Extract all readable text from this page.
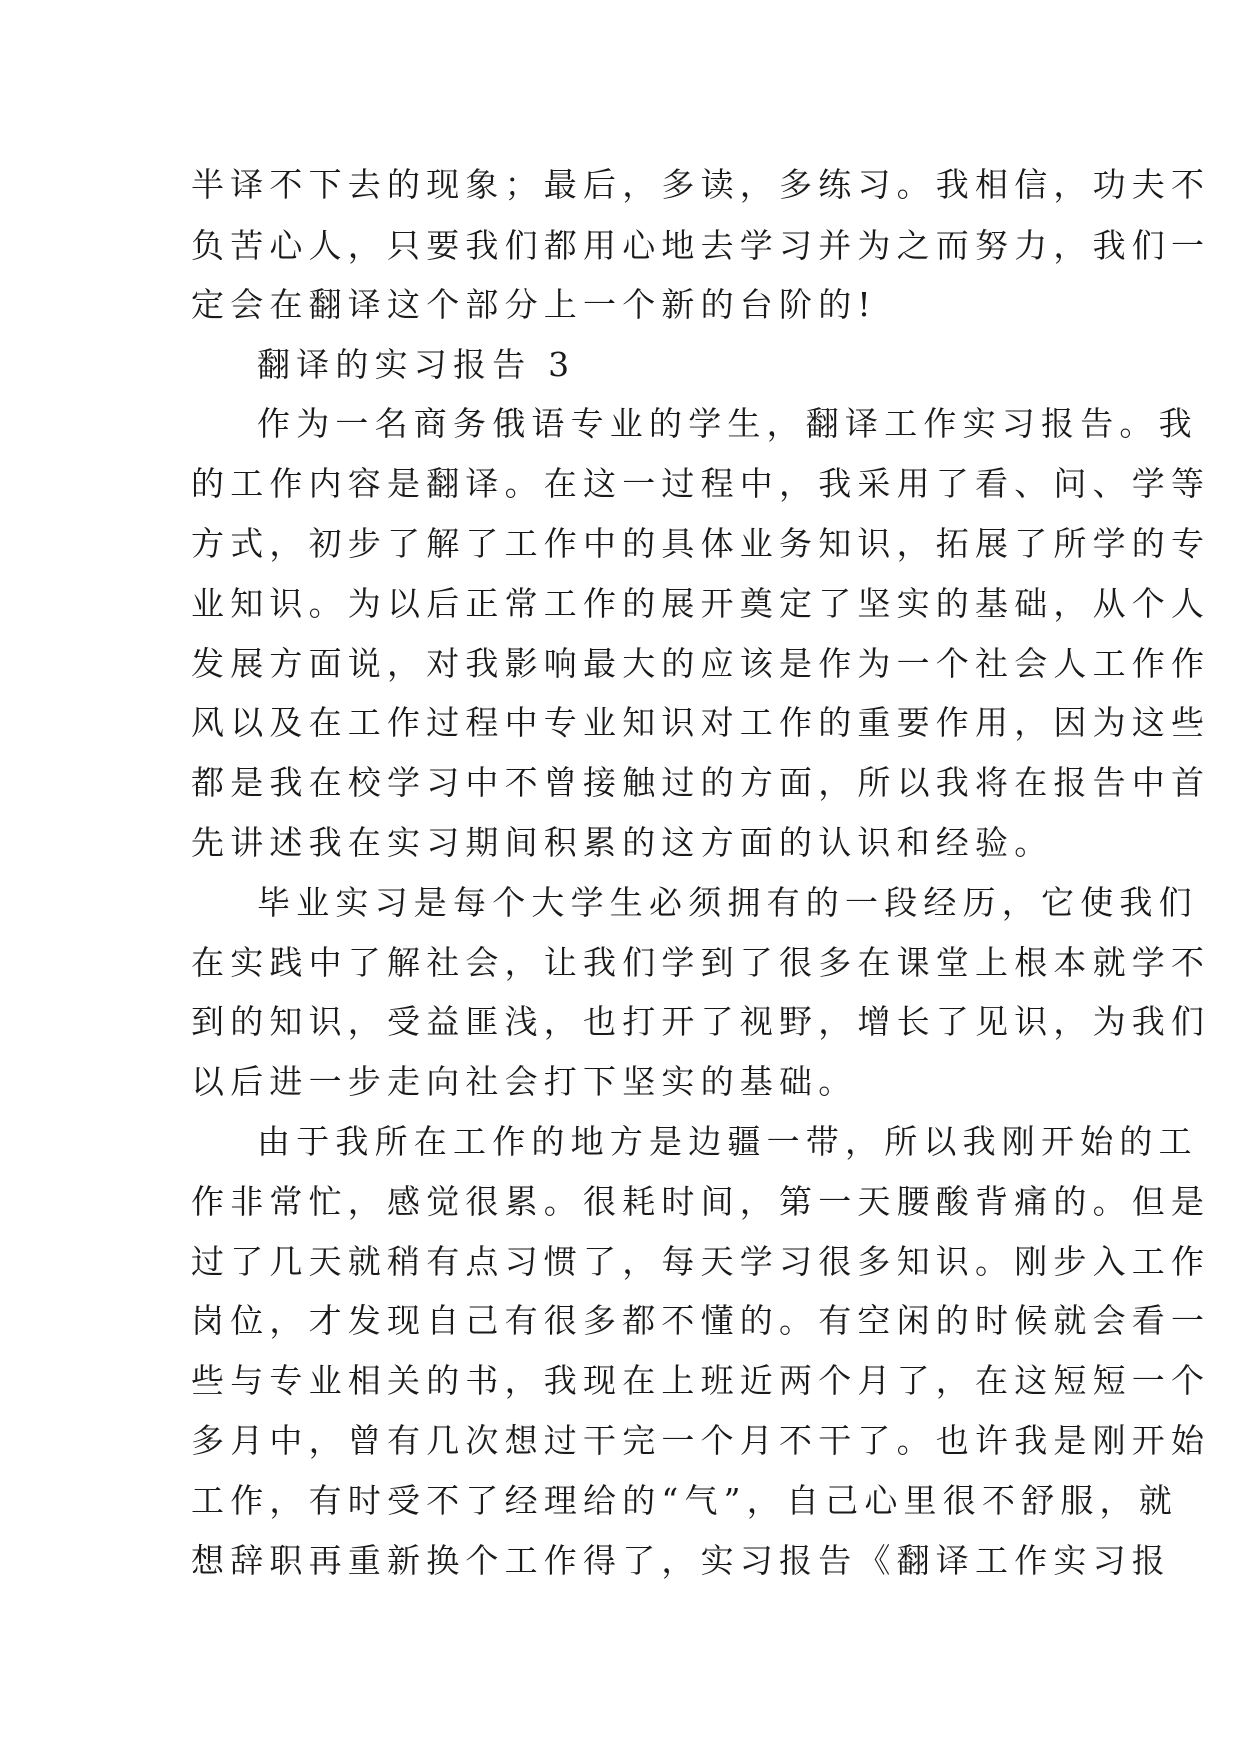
半译不下去的现象；最后，多读，多练习。我相信，功夫不
负苦心人，只要我们都用心地去学习并为之而努力，我们一
定会在翻译这个部分上一个新的台阶的!
翻译的实习报告 3
作为一名商务俄语专业的学生，翻译工作实习报告。我
的工作内容是翻译。在这一过程中，我采用了看、问、学等
方式，初步了解了工作中的具体业务知识，拓展了所学的专
业知识。为以后正常工作的展开奠定了坚实的基础，从个人
发展方面说，对我影响最大的应该是作为一个社会人工作作
风以及在工作过程中专业知识对工作的重要作用，因为这些
都是我在校学习中不曾接触过的方面，所以我将在报告中首
先讲述我在实习期间积累的这方面的认识和经验。
毕业实习是每个大学生必须拥有的一段经历，它使我们
在实践中了解社会，让我们学到了很多在课堂上根本就学不
到的知识，受益匪浅，也打开了视野，增长了见识，为我们
以后进一步走向社会打下坚实的基础。
由于我所在工作的地方是边疆一带，所以我刚开始的工
作非常忙，感觉很累。很耗时间，第一天腰酸背痛的。但是
过了几天就稍有点习惯了，每天学习很多知识。刚步入工作
岗位，才发现自己有很多都不懂的。有空闲的时候就会看一
些与专业相关的书，我现在上班近两个月了，在这短短一个
多月中，曾有几次想过干完一个月不干了。也许我是刚开始
工作，有时受不了经理给的“气”，自己心里很不舒服，就
想辞职再重新换个工作得了，实习报告《翻译工作实习报
